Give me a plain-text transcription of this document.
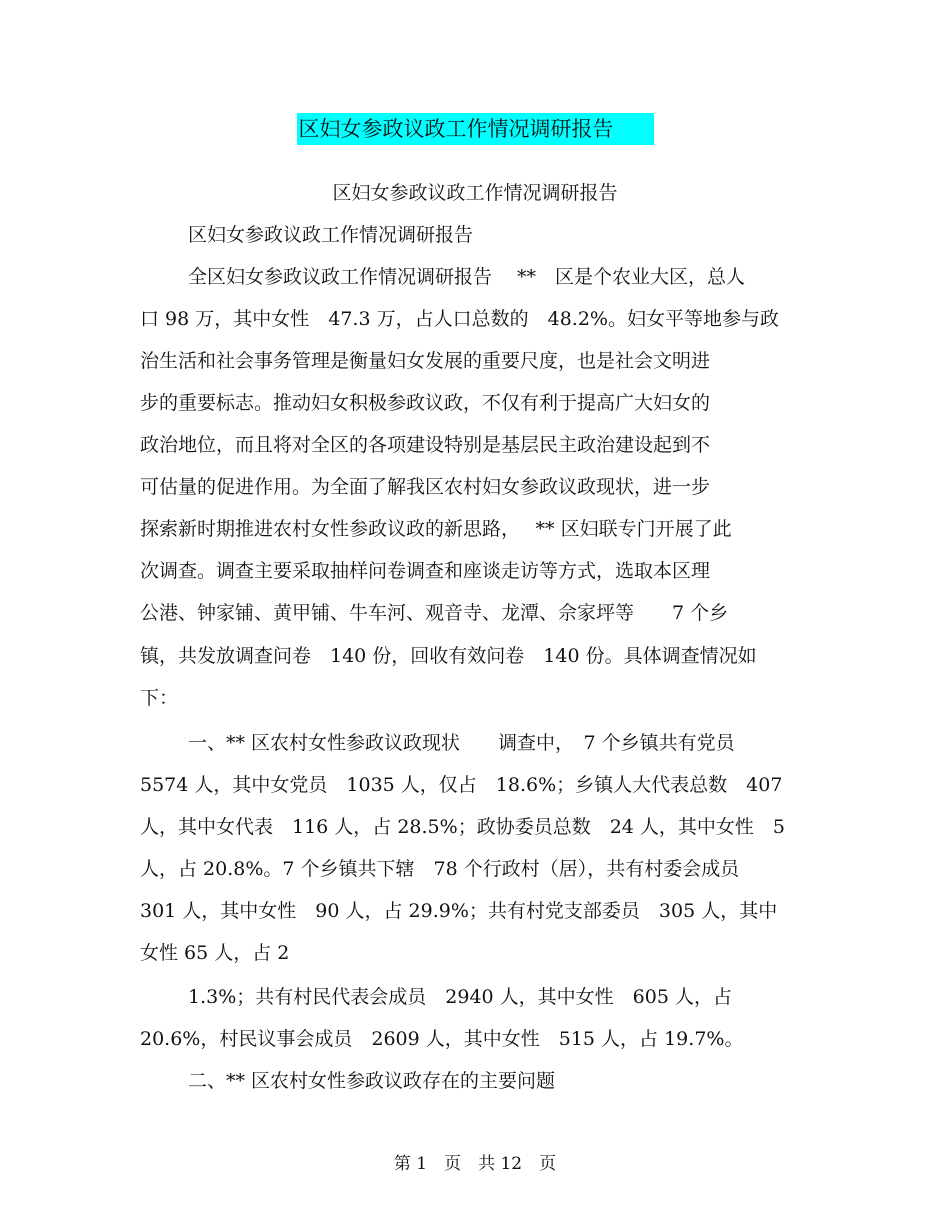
区妇女参政议政工作情况调研报告
区妇女参政议政工作情况调研报告
区妇女参政议政工作情况调研报告
全区妇女参政议政工作情况调研报告　 **　区是个农业大区，总人
口 98 万，其中女性　47.3 万，占人口总数的　48.2%。妇女平等地参与政
治生活和社会事务管理是衡量妇女发展的重要尺度，也是社会文明进
步的重要标志。推动妇女积极参政议政，不仅有利于提高广大妇女的
政治地位，而且将对全区的各项建设特别是基层民主政治建设起到不
可估量的促进作用。为全面了解我区农村妇女参政议政现状，进一步
探索新时期推进农村女性参政议政的新思路，　 ** 区妇联专门开展了此
次调查。调查主要采取抽样问卷调查和座谈走访等方式，选取本区理
公港、钟家铺、黄甲铺、牛车河、观音寺、龙潭、佘家坪等　　7 个乡
镇，共发放调查问卷　140 份，回收有效问卷　140 份。具体调查情况如
下：
一、** 区农村女性参政议政现状　　调查中，　7 个乡镇共有党员
5574 人，其中女党员　1035 人，仅占　18.6%；乡镇人大代表总数　407
人，其中女代表　116 人，占 28.5%；政协委员总数　24 人，其中女性　5
人，占 20.8%。7 个乡镇共下辖　78 个行政村（居），共有村委会成员
301 人，其中女性　90 人，占 29.9%；共有村党支部委员　305 人，其中
女性 65 人，占 2
1.3%；共有村民代表会成员　2940 人，其中女性　605 人，占
20.6%，村民议事会成员　2609 人，其中女性　515 人，占 19.7%。
二、** 区农村女性参政议政存在的主要问题
第 1　页　共 12　页
